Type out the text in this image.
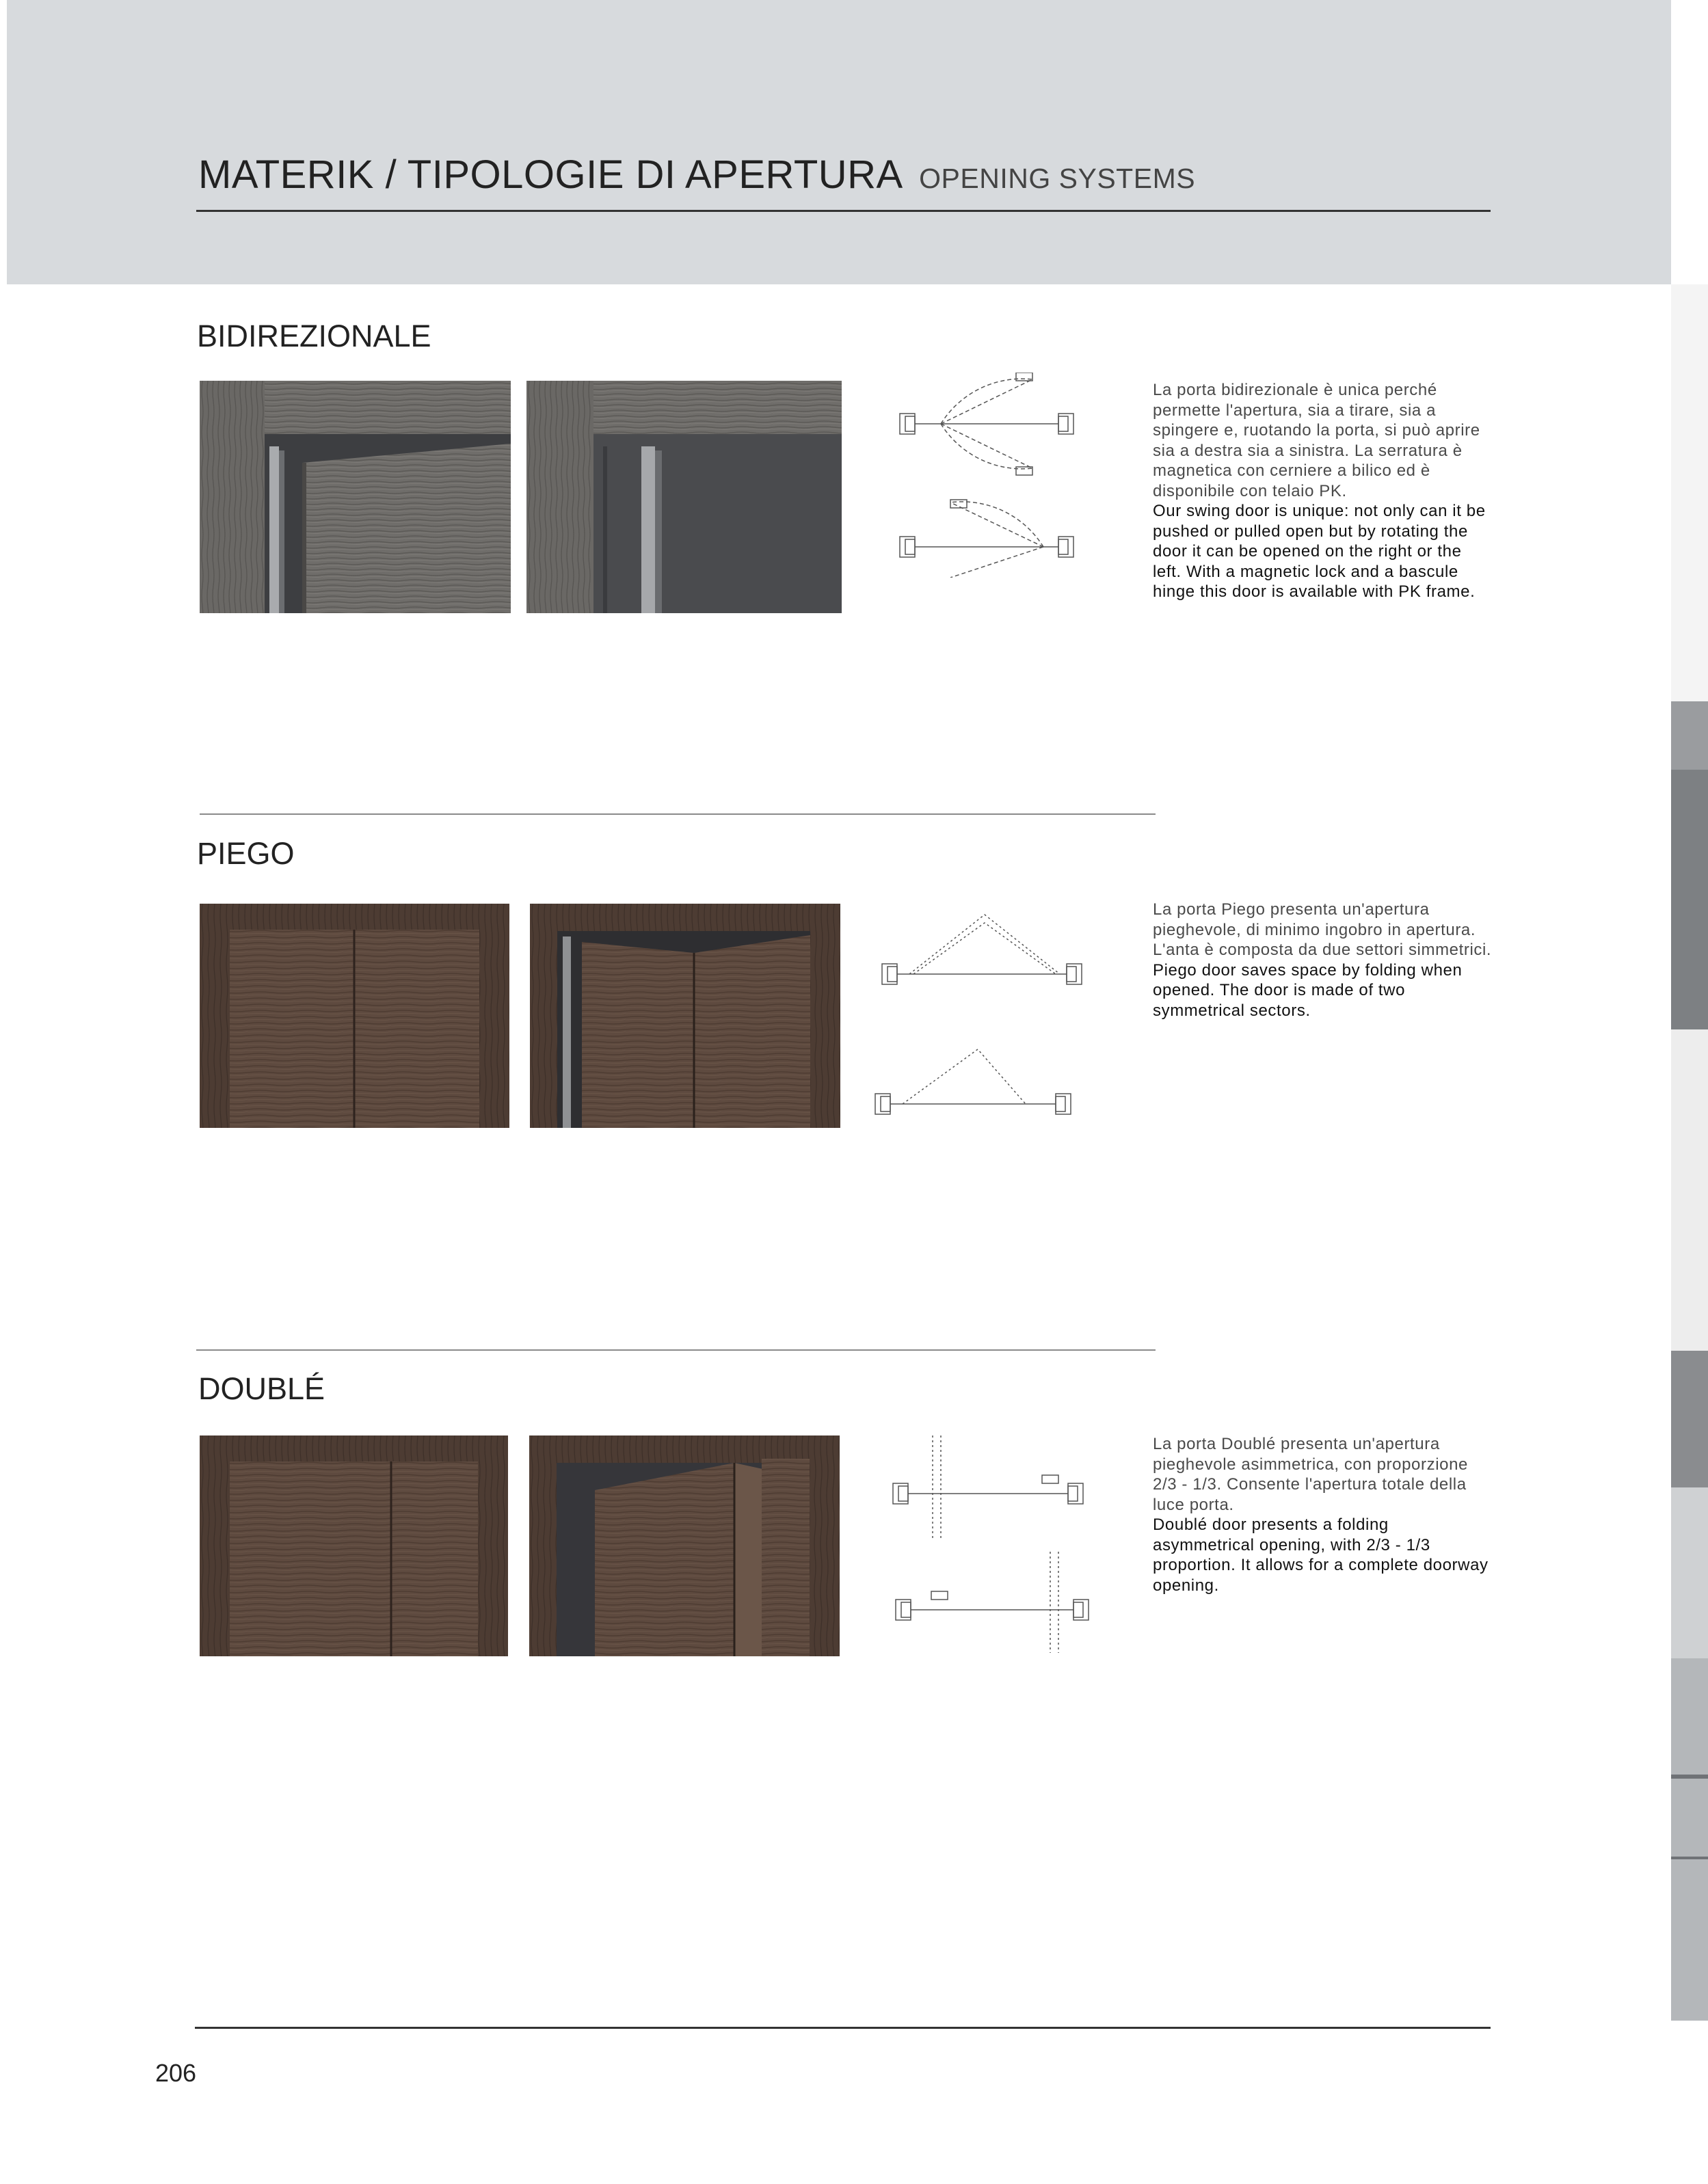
MATERIK / TIPOLOGIE DI APERTURA OPENING SYSTEMS
BIDIREZIONALE
La porta bidirezionale è unica perché permette l'apertura, sia a tirare, sia a spingere e, ruotando la porta, si può aprire sia a destra sia a sinistra. La serratura è magnetica con cerniere a bilico ed è disponibile con telaio PK.
Our swing door is unique: not only can it be pushed or pulled open but by rotating the door it can be opened on the right or the left. With a magnetic lock and a bascule hinge this door is available with PK frame.
PIEGO
La porta Piego presenta un'apertura pieghevole, di minimo ingobro in apertura. L'anta è composta da due settori simmetrici.
Piego door saves space by folding when opened. The door is made of two symmetrical sectors.
DOUBLÉ
La porta Doublé presenta un'apertura pieghevole asimmetrica, con proporzione 2/3 - 1/3. Consente l'apertura totale della luce porta.
Doublé door presents a folding asymmetrical opening, with 2/3 - 1/3 proportion. It allows for a complete doorway opening.
206
